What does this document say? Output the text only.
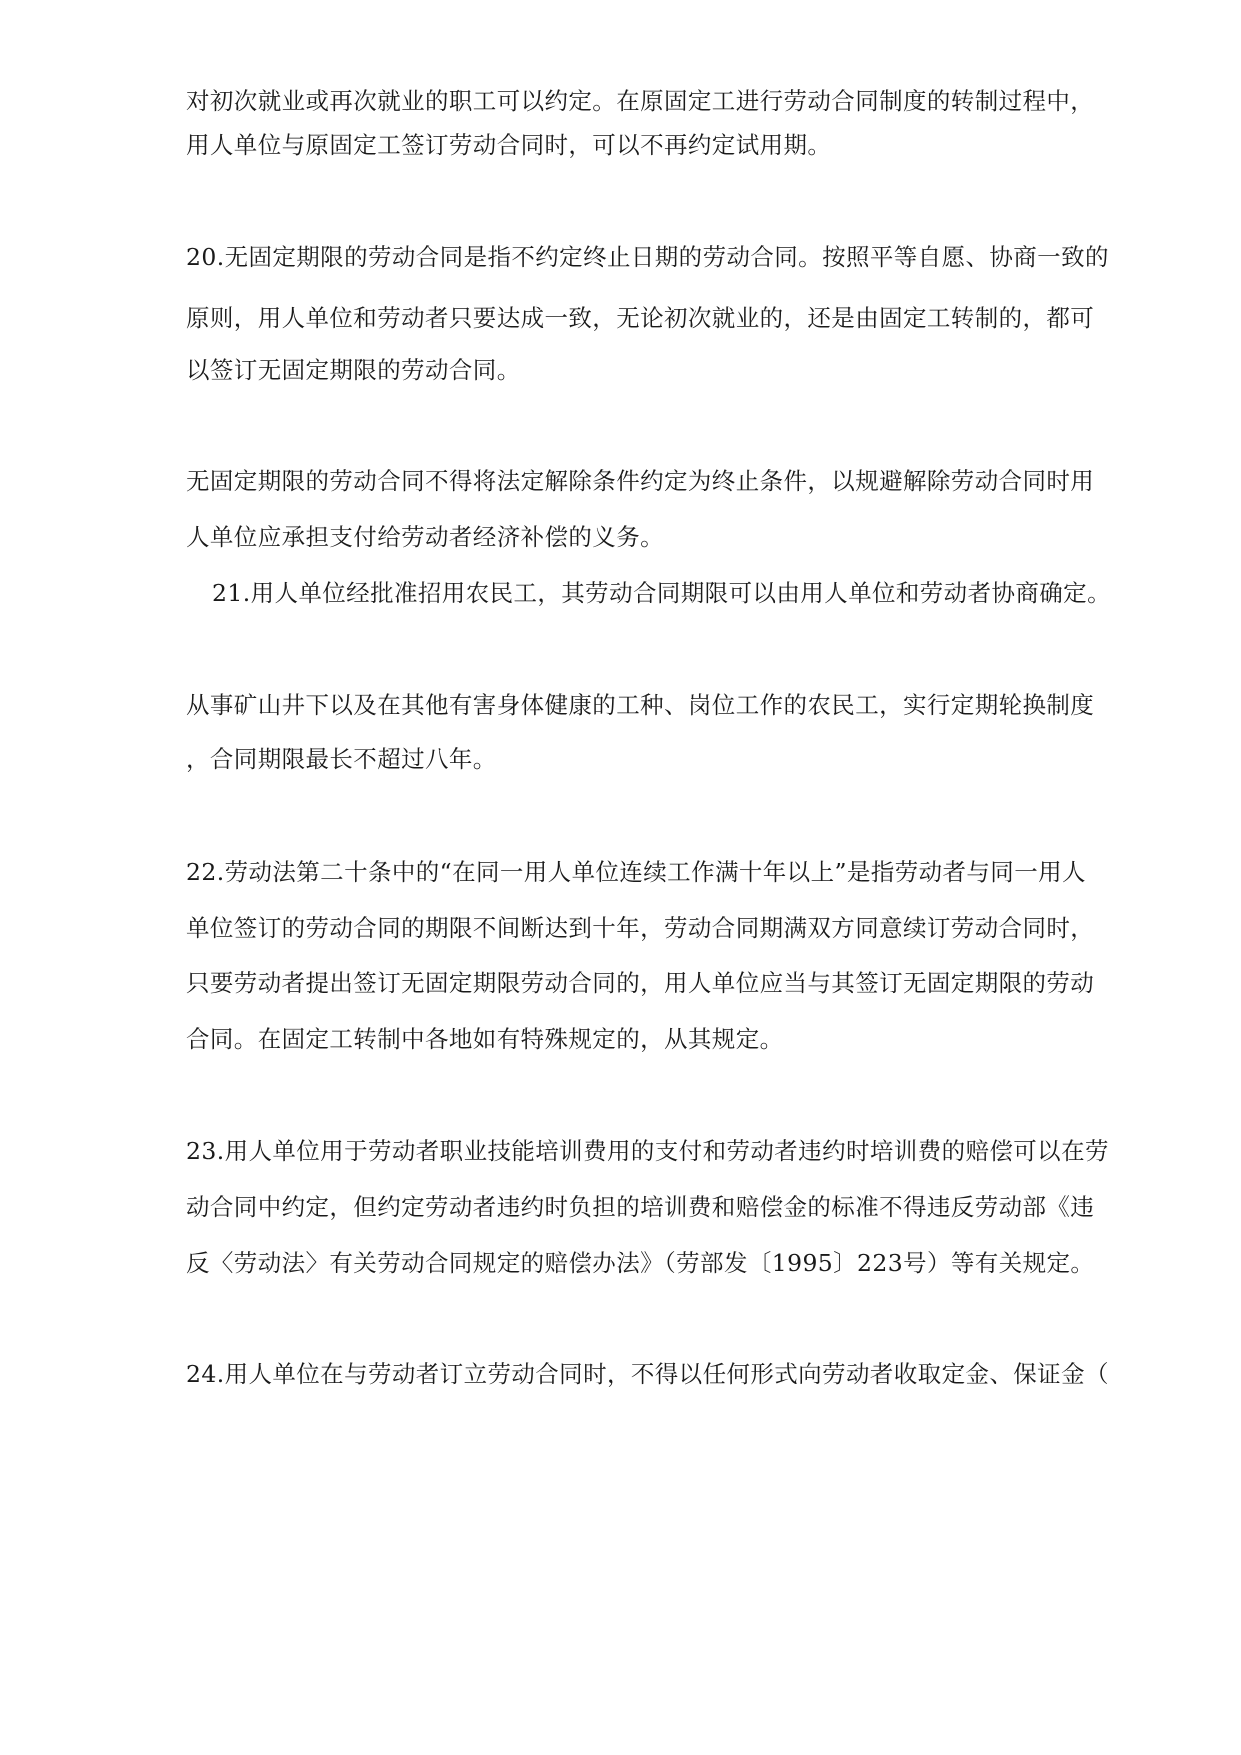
对初次就业或再次就业的职工可以约定。在原固定工进行劳动合同制度的转制过程中，
用人单位与原固定工签订劳动合同时，可以不再约定试用期。
20.无固定期限的劳动合同是指不约定终止日期的劳动合同。按照平等自愿、协商一致的
原则，用人单位和劳动者只要达成一致，无论初次就业的，还是由固定工转制的，都可
以签订无固定期限的劳动合同。
无固定期限的劳动合同不得将法定解除条件约定为终止条件，以规避解除劳动合同时用
人单位应承担支付给劳动者经济补偿的义务。
21.用人单位经批准招用农民工，其劳动合同期限可以由用人单位和劳动者协商确定。
从事矿山井下以及在其他有害身体健康的工种、岗位工作的农民工，实行定期轮换制度
，合同期限最长不超过八年。
22.劳动法第二十条中的“在同一用人单位连续工作满十年以上”是指劳动者与同一用人
单位签订的劳动合同的期限不间断达到十年，劳动合同期满双方同意续订劳动合同时，
只要劳动者提出签订无固定期限劳动合同的，用人单位应当与其签订无固定期限的劳动
合同。在固定工转制中各地如有特殊规定的，从其规定。
23.用人单位用于劳动者职业技能培训费用的支付和劳动者违约时培训费的赔偿可以在劳
动合同中约定，但约定劳动者违约时负担的培训费和赔偿金的标准不得违反劳动部《违
反〈劳动法〉有关劳动合同规定的赔偿办法》（劳部发〔1995〕223号）等有关规定。
24.用人单位在与劳动者订立劳动合同时，不得以任何形式向劳动者收取定金、保证金（
